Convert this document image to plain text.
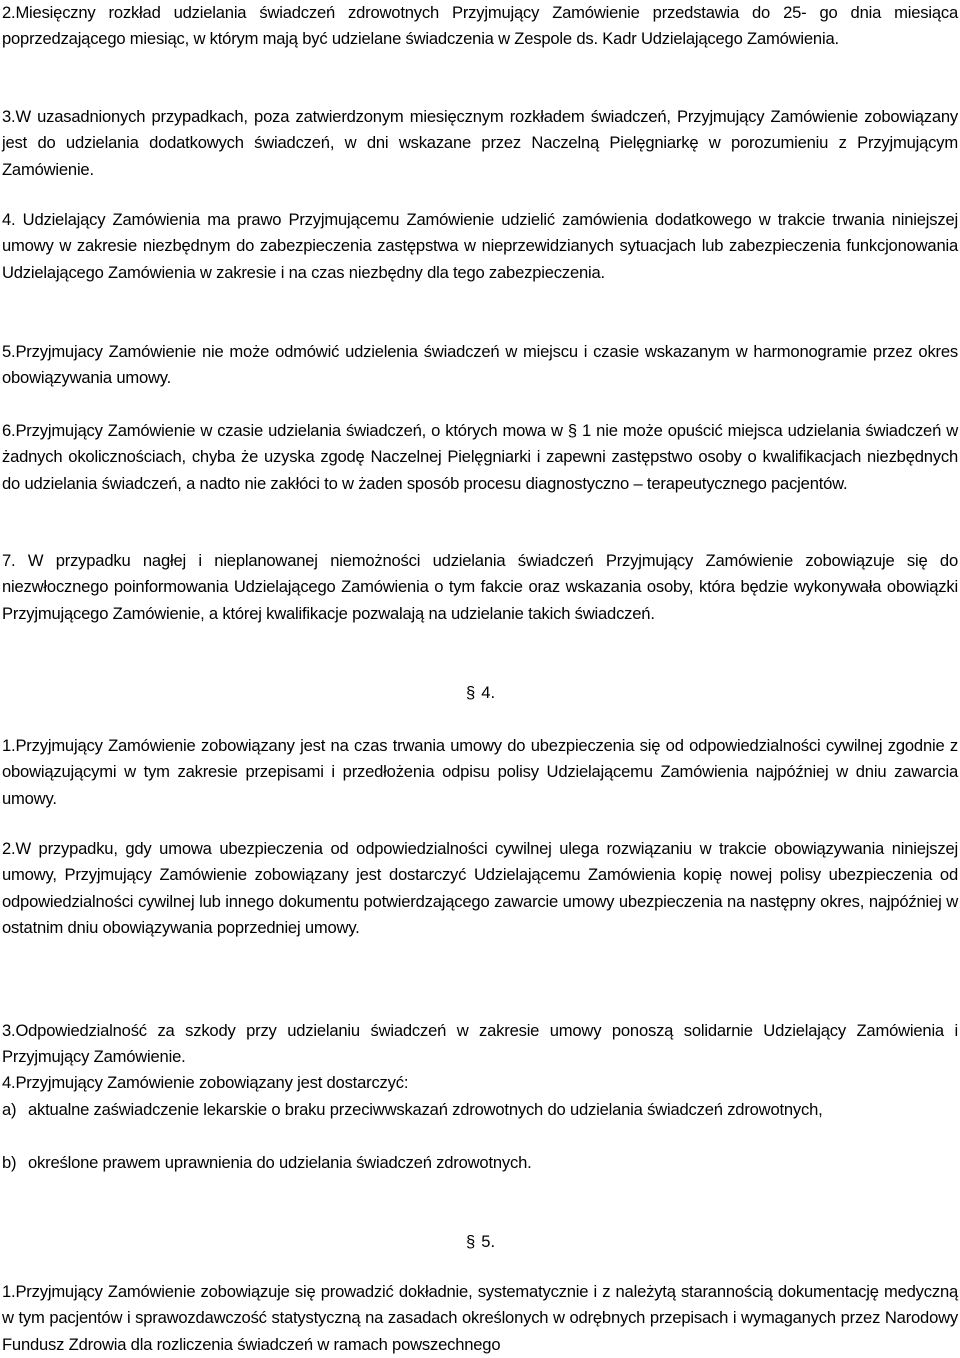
2.Miesięczny rozkład udzielania świadczeń zdrowotnych Przyjmujący Zamówienie przedstawia do 25- go dnia miesiąca poprzedzającego miesiąc, w którym mają być udzielane świadczenia w Zespole ds. Kadr Udzielającego Zamówienia.

3.W uzasadnionych przypadkach, poza zatwierdzonym miesięcznym rozkładem świadczeń, Przyjmujący Zamówienie zobowiązany jest do udzielania dodatkowych świadczeń, w dni wskazane przez Naczelną Pielęgniarkę w porozumieniu z Przyjmującym Zamówienie.

4. Udzielający Zamówienia ma prawo Przyjmującemu Zamówienie udzielić zamówienia dodatkowego w trakcie trwania niniejszej umowy w zakresie niezbędnym do zabezpieczenia zastępstwa w nieprzewidzianych sytuacjach lub zabezpieczenia funkcjonowania Udzielającego Zamówienia w zakresie i na czas niezbędny dla tego zabezpieczenia.

5.Przyjmujacy Zamówienie nie może odmówić udzielenia świadczeń w miejscu i czasie wskazanym w harmonogramie przez okres obowiązywania umowy.

6.Przyjmujący Zamówienie w czasie udzielania świadczeń, o których mowa w § 1 nie może opuścić miejsca udzielania świadczeń w żadnych okolicznościach, chyba że uzyska zgodę Naczelnej Pielęgniarki i zapewni zastępstwo osoby o kwalifikacjach niezbędnych do udzielania świadczeń, a nadto nie zakłóci to w żaden sposób procesu diagnostyczno – terapeutycznego pacjentów.

7. W przypadku nagłej i nieplanowanej niemożności udzielania świadczeń Przyjmujący Zamówienie zobowiązuje się do niezwłocznego poinformowania Udzielającego Zamówienia o tym fakcie oraz wskazania osoby, która będzie wykonywała obowiązki Przyjmującego Zamówienie, a której kwalifikacje pozwalają na udzielanie takich świadczeń.

§ 4.

1.Przyjmujący Zamówienie zobowiązany jest na czas trwania umowy do ubezpieczenia się od odpowiedzialności cywilnej zgodnie z obowiązującymi w tym zakresie przepisami i przedłożenia odpisu polisy Udzielającemu Zamówienia najpóźniej w dniu zawarcia umowy.

2.W przypadku, gdy umowa ubezpieczenia od odpowiedzialności cywilnej ulega rozwiązaniu w trakcie obowiązywania niniejszej umowy, Przyjmujący Zamówienie zobowiązany jest dostarczyć Udzielającemu Zamówienia kopię nowej polisy ubezpieczenia od odpowiedzialności cywilnej lub innego dokumentu potwierdzającego zawarcie umowy ubezpieczenia na następny okres, najpóźniej w ostatnim dniu obowiązywania poprzedniej umowy.

3.Odpowiedzialność za szkody przy udzielaniu świadczeń w zakresie umowy ponoszą solidarnie Udzielający Zamówienia i Przyjmujący Zamówienie.

4.Przyjmujący Zamówienie zobowiązany jest dostarczyć:

a) aktualne zaświadczenie lekarskie o braku przeciwwskazań zdrowotnych do udzielania świadczeń zdrowotnych,
b) określone prawem uprawnienia do udzielania świadczeń zdrowotnych.
§ 5.

1.Przyjmujący Zamówienie zobowiązuje się prowadzić dokładnie, systematycznie i z należytą starannością dokumentację medyczną w tym pacjentów i sprawozdawczość statystyczną na zasadach określonych w odrębnych przepisach i wymaganych przez Narodowy Fundusz Zdrowia dla rozliczenia świadczeń w ramach powszechnego
